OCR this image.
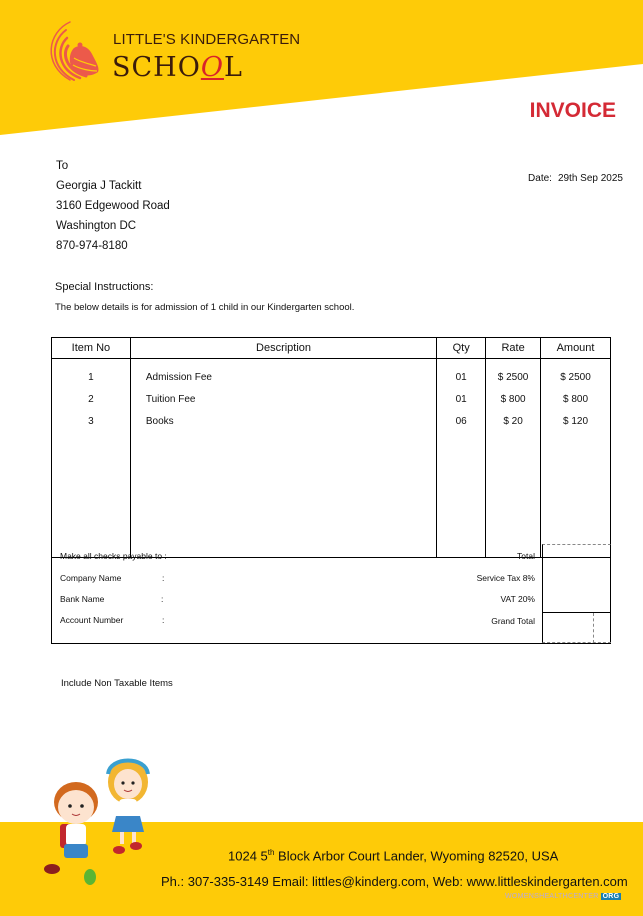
LITTLE'S KINDERGARTEN
SCHOOL
INVOICE
To
Georgia J Tackitt
3160 Edgewood Road
Washington DC
870-974-8180
Date: 29th Sep 2025
Special Instructions:
The below details is for admission of 1 child in our Kindergarten school.
Item No	Description	Qty	Rate	Amount
1	Admission Fee	01	$ 2500	$ 2500
2	Tuition Fee	01	$ 800	$ 800
3	Books	06	$ 20	$ 120

Make all checks payable to :
Company Name	:
Bank Name	:
Account Number	:
Total
Service Tax 8%
VAT 20%
Grand Total
Include Non Taxable Items
1024 5th Block Arbor Court Lander, Wyoming 82520, USA
Ph.: 307-335-3149 Email: littles@kinderg.com, Web: www.littleskindergarten.com
WOMENSHEALTHCENTER ORG
